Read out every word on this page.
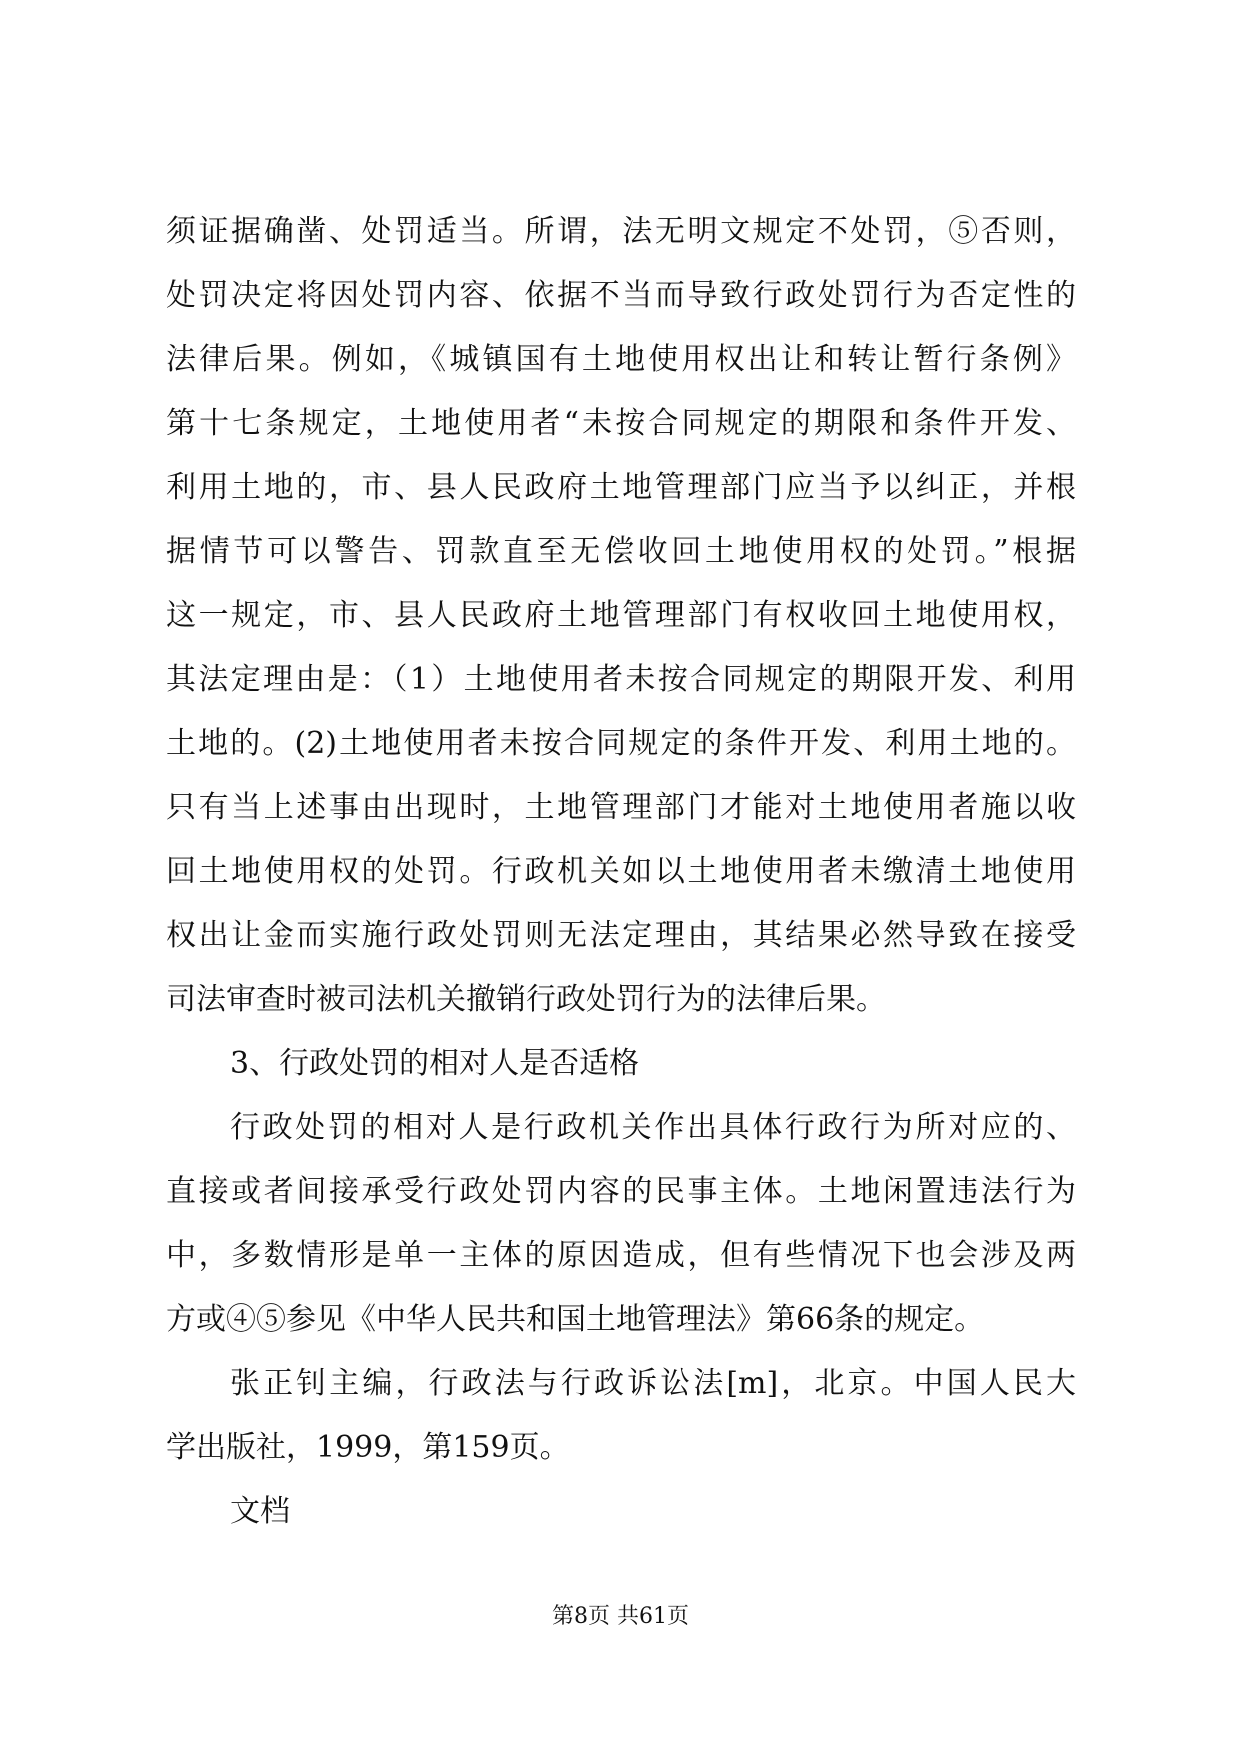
须证据确凿、处罚适当。所谓，法无明文规定不处罚，⑤否则，
处罚决定将因处罚内容、依据不当而导致行政处罚行为否定性的
法律后果。例如，《城镇国有土地使用权出让和转让暂行条例》
第十七条规定，土地使用者“未按合同规定的期限和条件开发、
利用土地的，市、县人民政府土地管理部门应当予以纠正，并根
据情节可以警告、罚款直至无偿收回土地使用权的处罚。”根据
这一规定，市、县人民政府土地管理部门有权收回土地使用权，
其法定理由是：（1）土地使用者未按合同规定的期限开发、利用
土地的。(2)土地使用者未按合同规定的条件开发、利用土地的。
只有当上述事由出现时，土地管理部门才能对土地使用者施以收
回土地使用权的处罚。行政机关如以土地使用者未缴清土地使用
权出让金而实施行政处罚则无法定理由，其结果必然导致在接受
司法审查时被司法机关撤销行政处罚行为的法律后果。
3、行政处罚的相对人是否适格
行政处罚的相对人是行政机关作出具体行政行为所对应的、
直接或者间接承受行政处罚内容的民事主体。土地闲置违法行为
中，多数情形是单一主体的原因造成，但有些情况下也会涉及两
方或④⑤参见《中华人民共和国土地管理法》第66条的规定。
张正钊主编，行政法与行政诉讼法[m]，北京。中国人民大
学出版社，1999，第159页。
文档
第8页 共61页
